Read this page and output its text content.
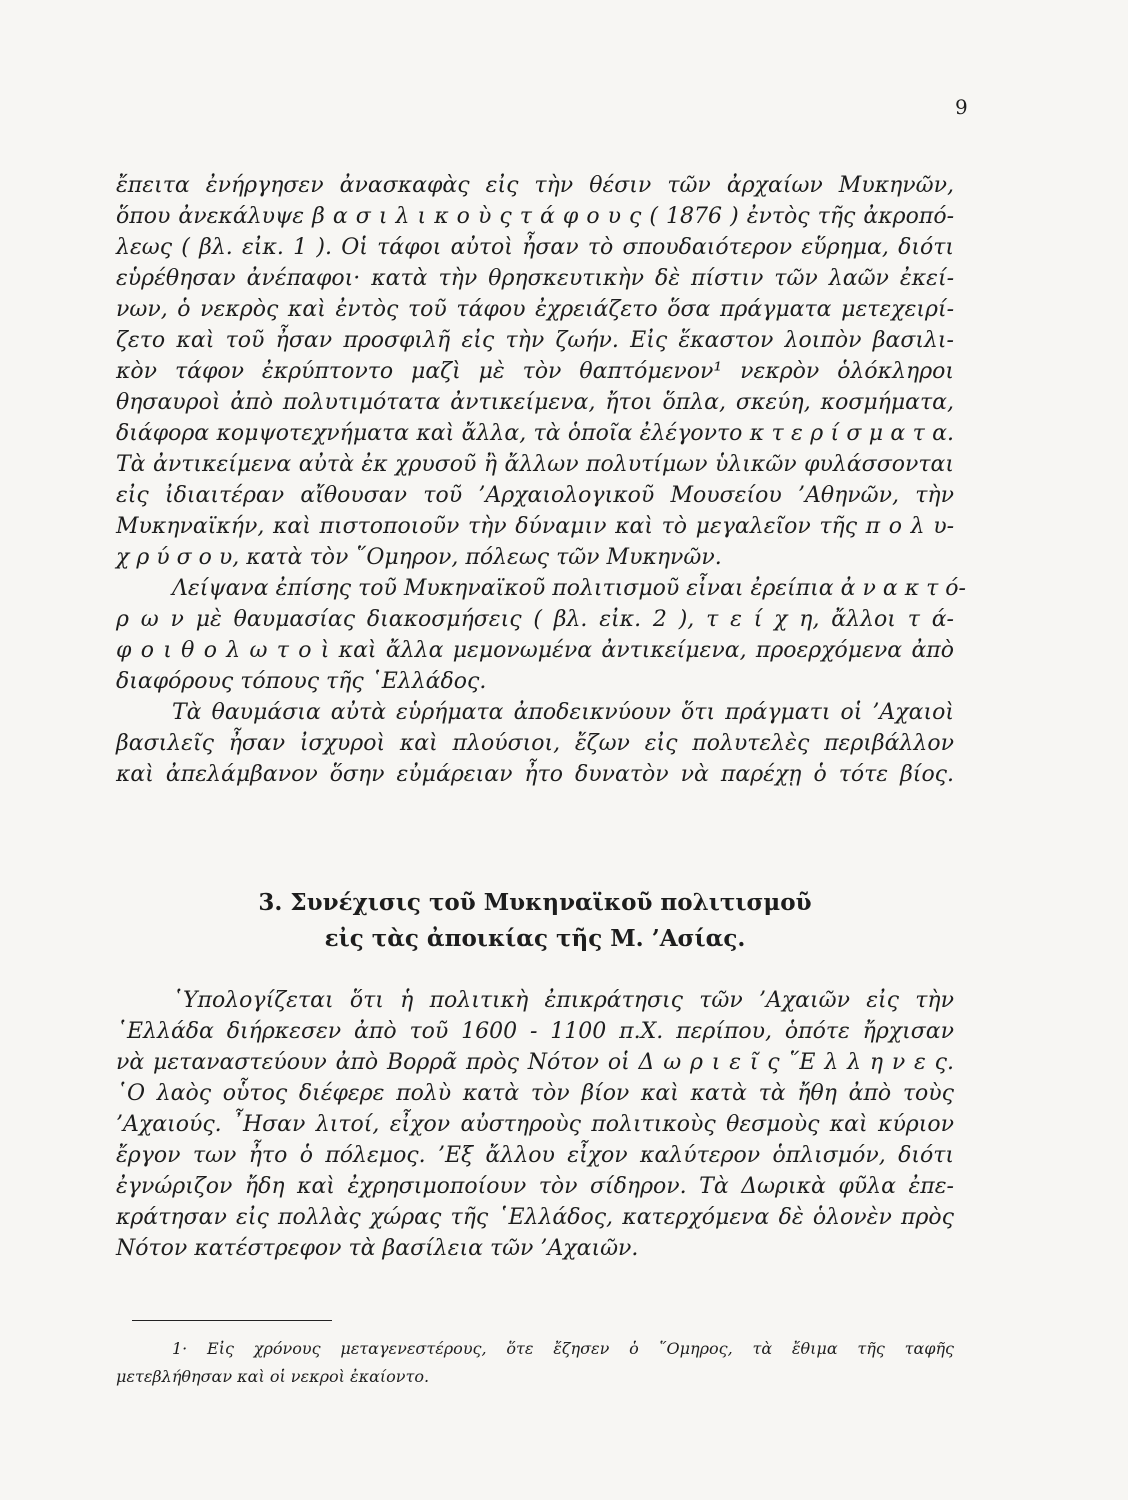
9
ἔπειτα ἐνήργησεν ἀνασκαφὰς εἰς τὴν θέσιν τῶν ἀρχαίων Μυκηνῶν,
ὅπου ἀνεκάλυψε β α σ ι λ ι κ ο ὺ ς τ ά φ ο υ ς ( 1876 ) ἐντὸς τῆς ἀκροπό-
λεως ( βλ. εἰκ. 1 ). Οἱ τάφοι αὐτοὶ ἦσαν τὸ σπουδαιότερον εὕρημα, διότι
εὑρέθησαν ἀνέπαφοι· κατὰ τὴν θρησκευτικὴν δὲ πίστιν τῶν λαῶν ἐκεί-
νων, ὁ νεκρὸς καὶ ἐντὸς τοῦ τάφου ἐχρειάζετο ὅσα πράγματα μετεχειρί-
ζετο καὶ τοῦ ἦσαν προσφιλῆ εἰς τὴν ζωήν. Εἰς ἕκαστον λοιπὸν βασιλι-
κὸν τάφον ἐκρύπτοντο μαζὶ μὲ τὸν θαπτόμενον¹ νεκρὸν ὁλόκληροι
θησαυροὶ ἀπὸ πολυτιμότατα ἀντικείμενα, ἤτοι ὅπλα, σκεύη, κοσμήματα,
διάφορα κομψοτεχνήματα καὶ ἄλλα, τὰ ὁποῖα ἐλέγοντο κ τ ε ρ ί σ μ α τ α.
Τὰ ἀντικείμενα αὐτὰ ἐκ χρυσοῦ ἢ ἄλλων πολυτίμων ὑλικῶν φυλάσσονται
εἰς ἰδιαιτέραν αἴθουσαν τοῦ ’Αρχαιολογικοῦ Μουσείου ’Αθηνῶν, τὴν
Μυκηναϊκήν, καὶ πιστοποιοῦν τὴν δύναμιν καὶ τὸ μεγαλεῖον τῆς π ο λ υ-
χ ρ ύ σ ο υ, κατὰ τὸν ῞Ομηρον, πόλεως τῶν Μυκηνῶν.
Λείψανα ἐπίσης τοῦ Μυκηναϊκοῦ πολιτισμοῦ εἶναι ἐρείπια ἀ ν α κ τ ό-
ρ ω ν μὲ θαυμασίας διακοσμήσεις ( βλ. εἰκ. 2 ), τ ε ί χ η, ἄλλοι τ ά-
φ ο ι θ ο λ ω τ ο ὶ καὶ ἄλλα μεμονωμένα ἀντικείμενα, προερχόμενα ἀπὸ
διαφόρους τόπους τῆς ῾Ελλάδος.
Τὰ θαυμάσια αὐτὰ εὑρήματα ἀποδεικνύουν ὅτι πράγματι οἱ ’Αχαιοὶ
βασιλεῖς ἦσαν ἰσχυροὶ καὶ πλούσιοι, ἔζων εἰς πολυτελὲς περιβάλλον
καὶ ἀπελάμβανον ὅσην εὐμάρειαν ἦτο δυνατὸν νὰ παρέχῃ ὁ τότε βίος.
3. Συνέχισις τοῦ Μυκηναϊκοῦ πολιτισμοῦ
εἰς τὰς ἀποικίας τῆς Μ. ’Ασίας.
῾Υπολογίζεται ὅτι ἡ πολιτικὴ ἐπικράτησις τῶν ’Αχαιῶν εἰς τὴν
῾Ελλάδα διήρκεσεν ἀπὸ τοῦ 1600 - 1100 π.Χ. περίπου, ὁπότε ἤρχισαν
νὰ μεταναστεύουν ἀπὸ Βορρᾶ πρὸς Νότον οἱ Δ ω ρ ι ε ῖ ς ῞Ε λ λ η ν ε ς.
῾Ο λαὸς οὗτος διέφερε πολὺ κατὰ τὸν βίον καὶ κατὰ τὰ ἤθη ἀπὸ τοὺς
’Αχαιούς. ῏Ησαν λιτοί, εἶχον αὐστηροὺς πολιτικοὺς θεσμοὺς καὶ κύριον
ἔργον των ἦτο ὁ πόλεμος. ’Εξ ἄλλου εἶχον καλύτερον ὁπλισμόν, διότι
ἐγνώριζον ἤδη καὶ ἐχρησιμοποίουν τὸν σίδηρον. Τὰ Δωρικὰ φῦλα ἐπε-
κράτησαν εἰς πολλὰς χώρας τῆς ῾Ελλάδος, κατερχόμενα δὲ ὁλονὲν πρὸς
Νότον κατέστρεφον τὰ βασίλεια τῶν ’Αχαιῶν.
1· Εἰς χρόνους μεταγενεστέρους, ὅτε ἔζησεν ὁ ῞Ομηρος, τὰ ἔθιμα τῆς ταφῆς
μετεβλήθησαν καὶ οἱ νεκροὶ ἐκαίοντο.
